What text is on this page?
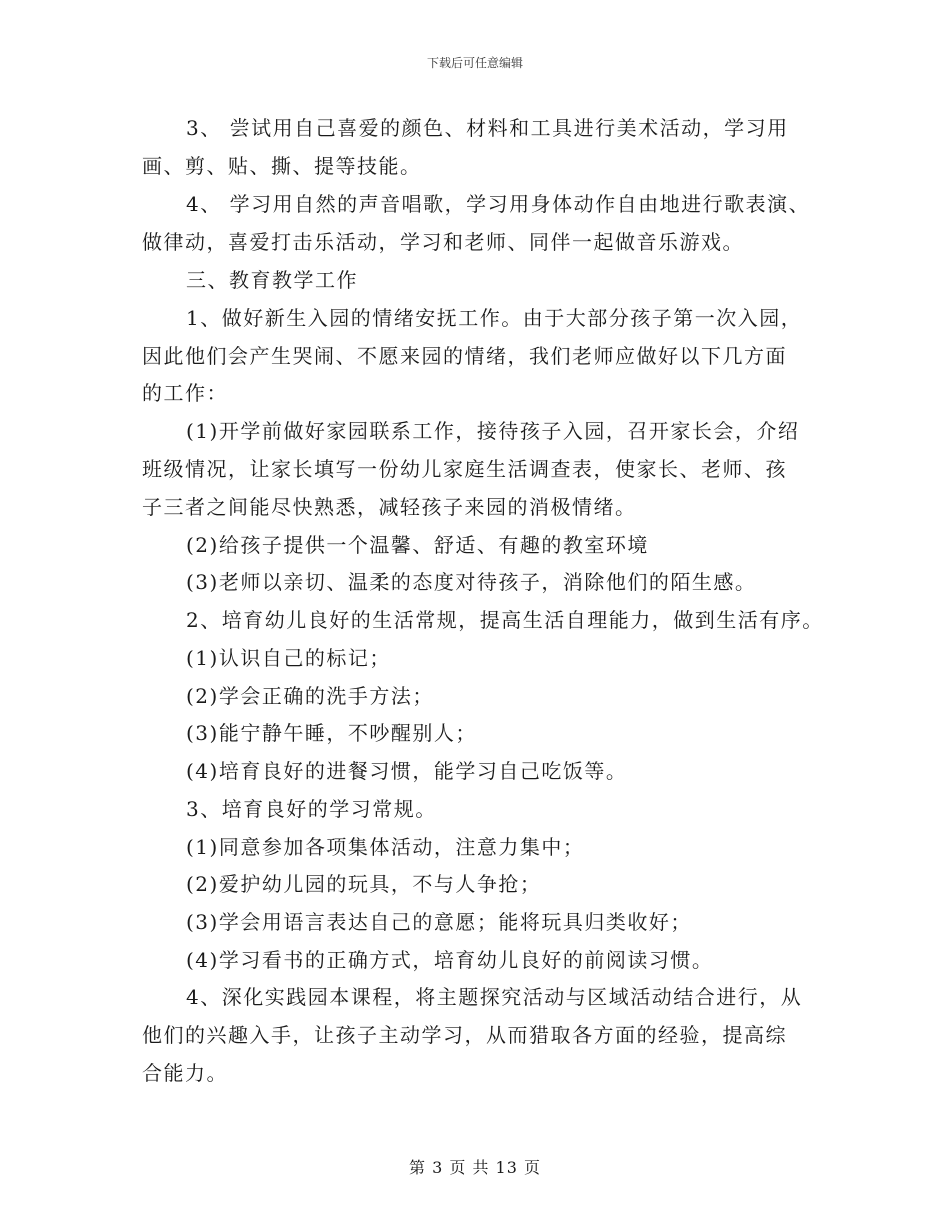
下载后可任意编辑
3、 尝试用自己喜爱的颜色、材料和工具进行美术活动，学习用
画、剪、贴、撕、提等技能。
4、 学习用自然的声音唱歌，学习用身体动作自由地进行歌表演、
做律动，喜爱打击乐活动，学习和老师、同伴一起做音乐游戏。
三、教育教学工作
1、做好新生入园的情绪安抚工作。由于大部分孩子第一次入园，
因此他们会产生哭闹、不愿来园的情绪，我们老师应做好以下几方面
的工作：
(1)开学前做好家园联系工作，接待孩子入园，召开家长会，介绍
班级情况，让家长填写一份幼儿家庭生活调查表，使家长、老师、孩
子三者之间能尽快熟悉，减轻孩子来园的消极情绪。
(2)给孩子提供一个温馨、舒适、有趣的教室环境
(3)老师以亲切、温柔的态度对待孩子，消除他们的陌生感。
2、培育幼儿良好的生活常规，提高生活自理能力，做到生活有序。
(1)认识自己的标记；
(2)学会正确的洗手方法；
(3)能宁静午睡，不吵醒别人；
(4)培育良好的进餐习惯，能学习自己吃饭等。
3、培育良好的学习常规。
(1)同意参加各项集体活动，注意力集中；
(2)爱护幼儿园的玩具，不与人争抢；
(3)学会用语言表达自己的意愿；能将玩具归类收好；
(4)学习看书的正确方式，培育幼儿良好的前阅读习惯。
4、深化实践园本课程，将主题探究活动与区域活动结合进行，从
他们的兴趣入手，让孩子主动学习，从而猎取各方面的经验，提高综
合能力。
第 3 页 共 13 页
